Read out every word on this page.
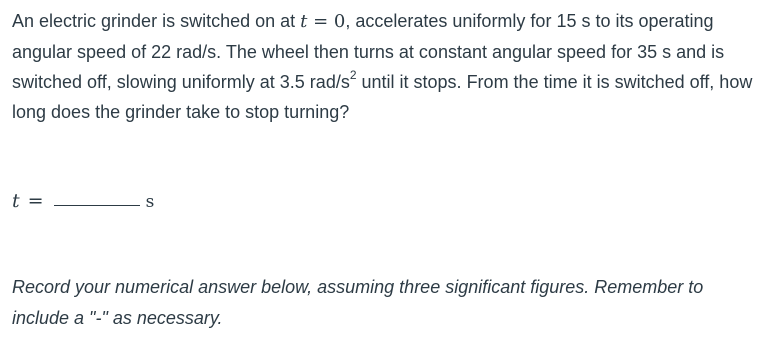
An electric grinder is switched on at t = 0, accelerates uniformly for 15 s to its operating angular speed of 22 rad/s. The wheel then turns at constant angular speed for 35 s and is switched off, slowing uniformly at 3.5 rad/$s^2$ until it stops. From the time it is switched off, how long does the grinder take to stop turning?
t =	s
Record your numerical answer below, assuming three significant figures. Remember to
include a "-" as necessary.
